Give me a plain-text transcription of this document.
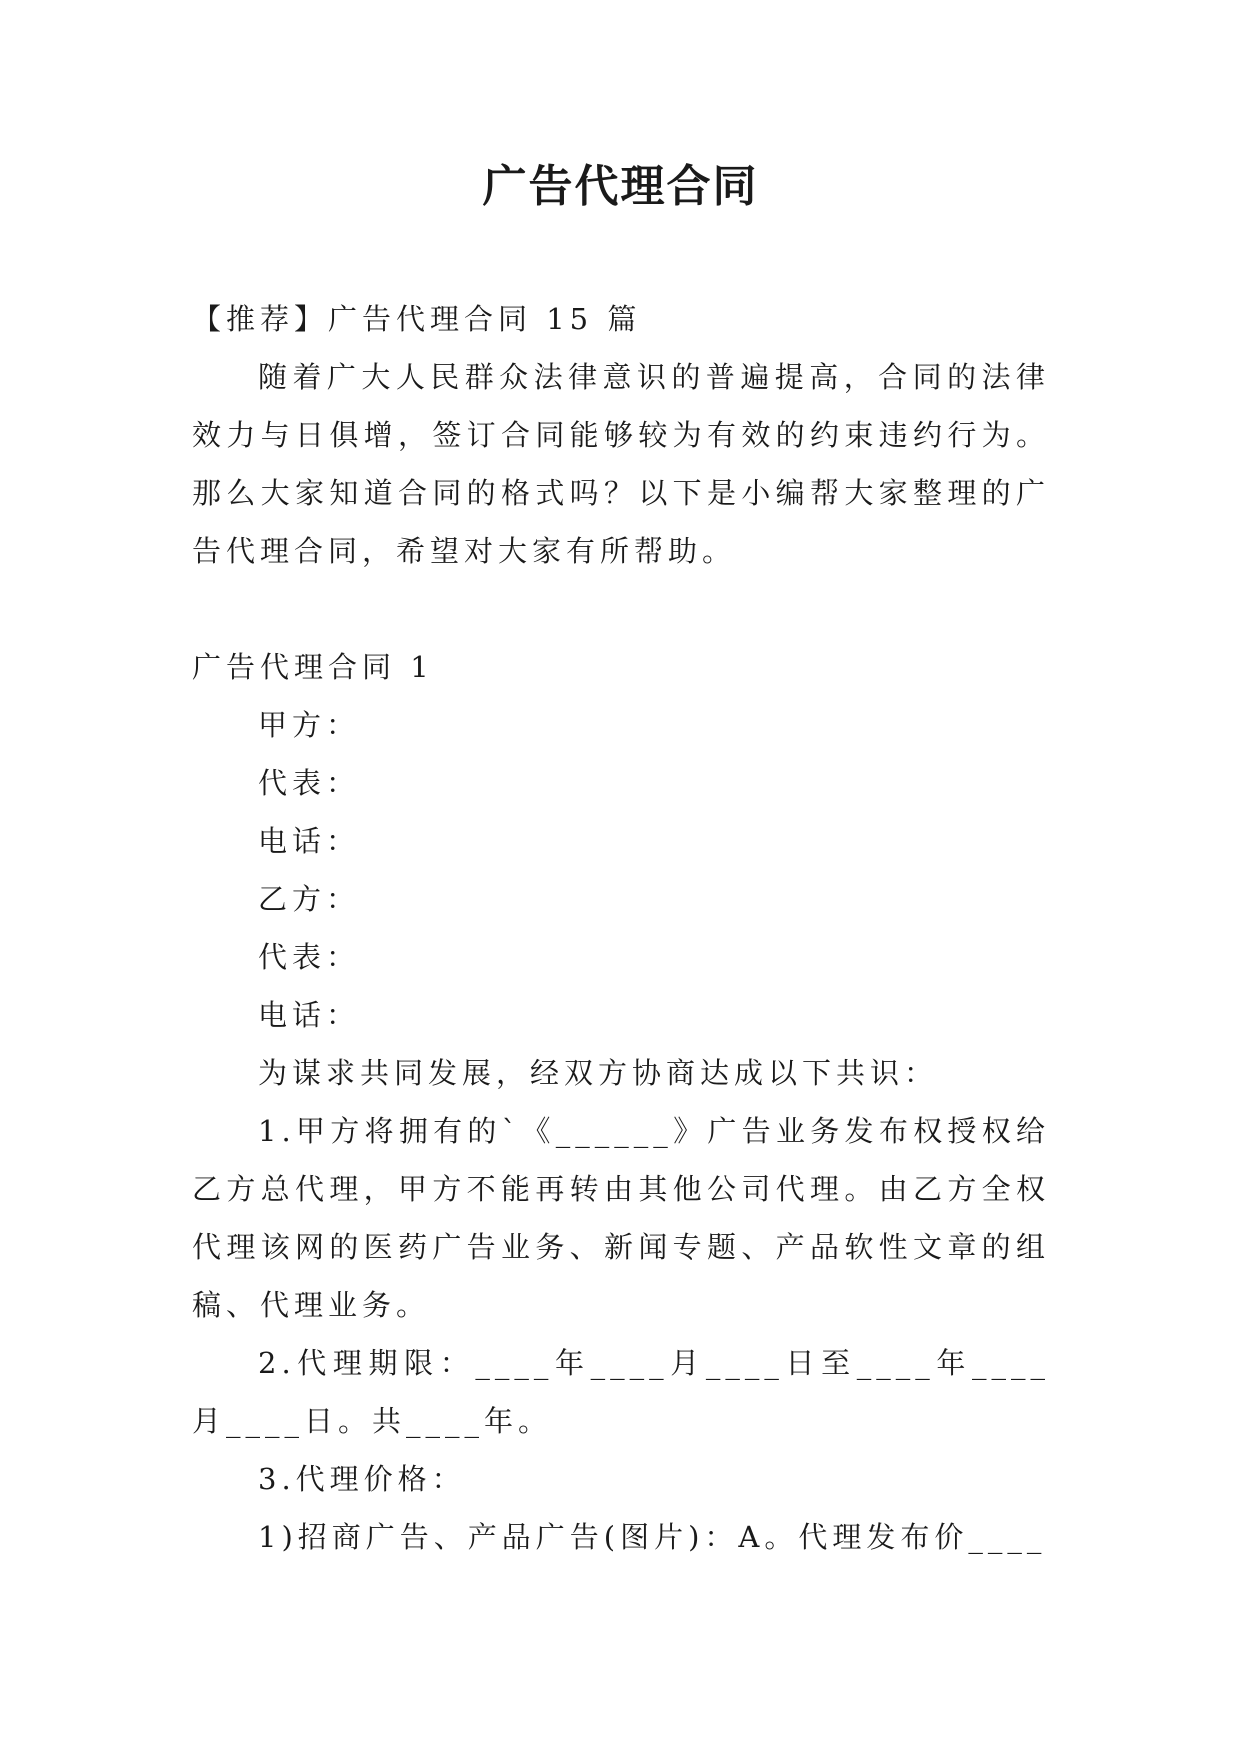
广告代理合同

【推荐】广告代理合同 15 篇

随着广大人民群众法律意识的普遍提高，合同的法律效力与日俱增，签订合同能够较为有效的约束违约行为。那么大家知道合同的格式吗？以下是小编帮大家整理的广告代理合同，希望对大家有所帮助。

广告代理合同 1

甲方：

代表：

电话：

乙方：

代表：

电话：

为谋求共同发展，经双方协商达成以下共识：

1.甲方将拥有的`《______》广告业务发布权授权给乙方总代理，甲方不能再转由其他公司代理。由乙方全权代理该网的医药广告业务、新闻专题、产品软性文章的组稿、代理业务。

2.代理期限：____年____月____日至____年____月____日。共____年。

3.代理价格：

1)招商广告、产品广告(图片)：A。代理发布价____
